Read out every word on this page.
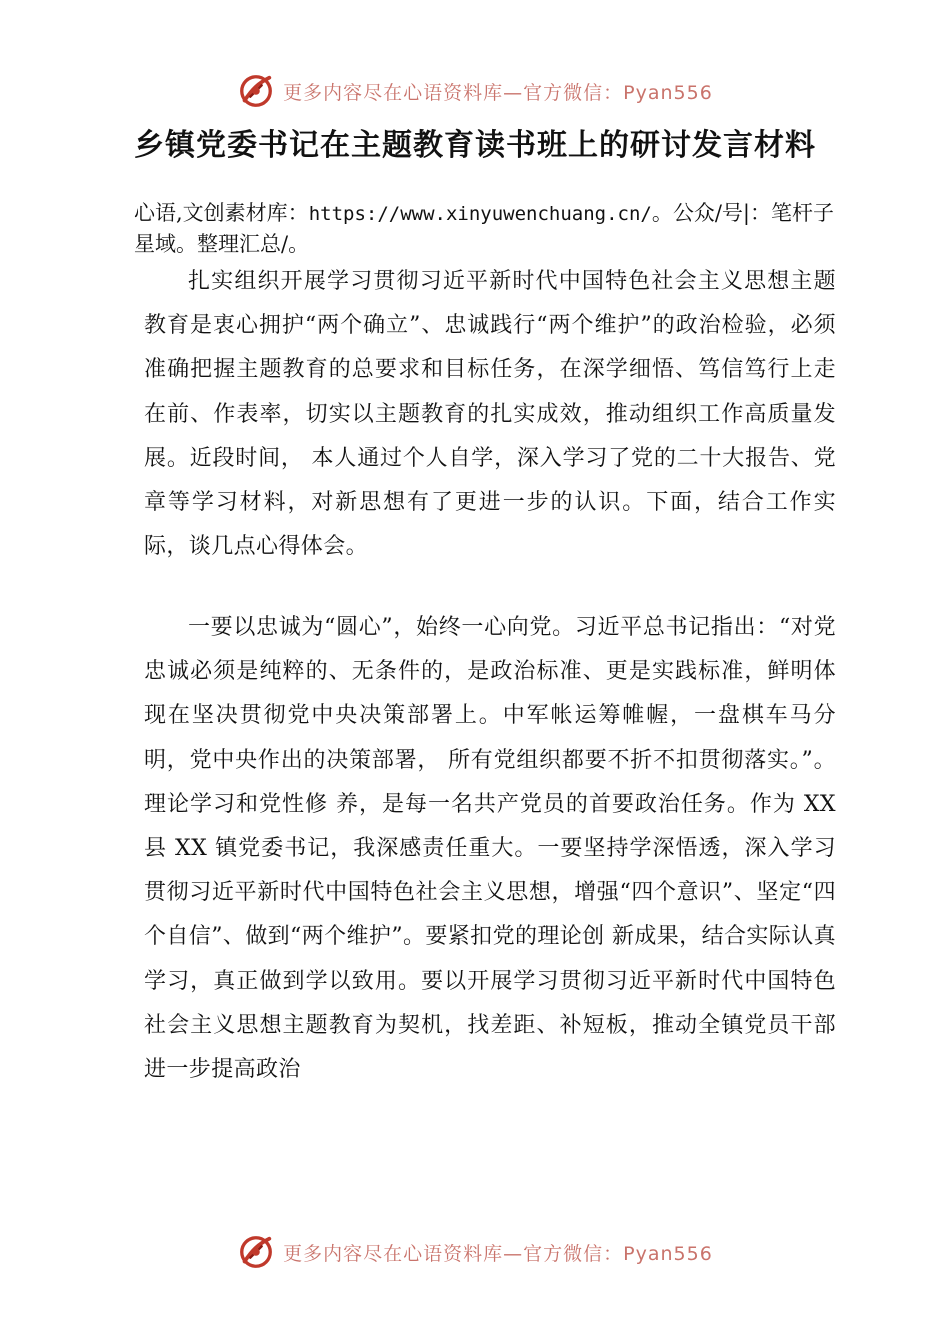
更多内容尽在心语资料库—官方微信：Pyan556
乡镇党委书记在主题教育读书班上的研讨发言材料

心语,文创素材库：https://www.xinyuwenchuang.cn/。公众/号|：笔杆子星域。整理汇总/。

扎实组织开展学习贯彻习近平新时代中国特色社会主义思想主题教育是衷心拥护“两个确立”、忠诚践行“两个维护”的政治检验，必须准确把握主题教育的总要求和目标任务，在深学细悟、笃信笃行上走在前、作表率，切实以主题教育的扎实成效，推动组织工作高质量发展。近段时间， 本人通过个人自学，深入学习了党的二十大报告、党章等学习材料，对新思想有了更进一步的认识。下面，结合工作实际，谈几点心得体会。

一要以忠诚为“圆心”，始终一心向党。习近平总书记指出：“对党忠诚必须是纯粹的、无条件的，是政治标准、更是实践标准，鲜明体现在坚决贯彻党中央决策部署上。中军帐运筹帷幄，一盘棋车马分明，党中央作出的决策部署， 所有党组织都要不折不扣贯彻落实。”。理论学习和党性修 养，是每一名共产党员的首要政治任务。作为 XX 县 XX 镇党委书记，我深感责任重大。一要坚持学深悟透，深入学习 贯彻习近平新时代中国特色社会主义思想，增强“四个意识”、坚定“四个自信”、做到“两个维护”。要紧扣党的理论创 新成果，结合实际认真学习，真正做到学以致用。要以开展学习贯彻习近平新时代中国特色社会主义思想主题教育为契机，找差距、补短板，推动全镇党员干部进一步提高政治

更多内容尽在心语资料库—官方微信：Pyan556
